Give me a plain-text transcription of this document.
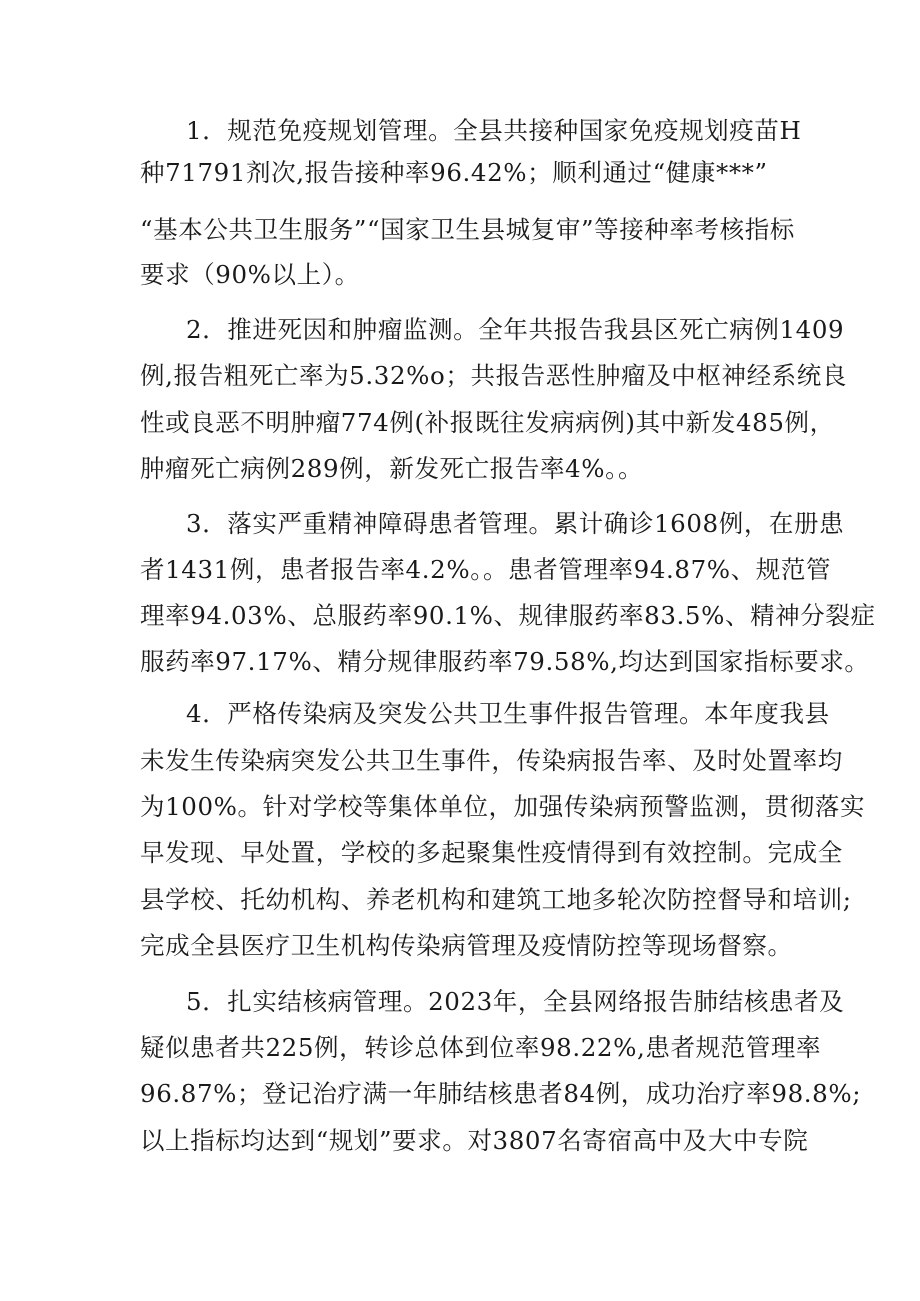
1．规范免疫规划管理。全县共接种国家免疫规划疫苗H
种71791剂次,报告接种率96.42%；顺利通过“健康***”
“基本公共卫生服务”“国家卫生县城复审”等接种率考核指标
要求（90%以上）。
2．推进死因和肿瘤监测。全年共报告我县区死亡病例1409
例,报告粗死亡率为5.32%o；共报告恶性肿瘤及中枢神经系统良
性或良恶不明肿瘤774例(补报既往发病病例)其中新发485例，
肿瘤死亡病例289例，新发死亡报告率4%。。
3．落实严重精神障碍患者管理。累计确诊1608例，在册患
者1431例，患者报告率4.2%。。患者管理率94.87%、规范管
理率94.03%、总服药率90.1%、规律服药率83.5%、精神分裂症
服药率97.17%、精分规律服药率79.58%,均达到国家指标要求。
4．严格传染病及突发公共卫生事件报告管理。本年度我县
未发生传染病突发公共卫生事件，传染病报告率、及时处置率均
为100%。针对学校等集体单位，加强传染病预警监测，贯彻落实
早发现、早处置，学校的多起聚集性疫情得到有效控制。完成全
县学校、托幼机构、养老机构和建筑工地多轮次防控督导和培训;
完成全县医疗卫生机构传染病管理及疫情防控等现场督察。
5．扎实结核病管理。2023年，全县网络报告肺结核患者及
疑似患者共225例，转诊总体到位率98.22%,患者规范管理率
96.87%；登记治疗满一年肺结核患者84例，成功治疗率98.8%;
以上指标均达到“规划”要求。对3807名寄宿高中及大中专院
